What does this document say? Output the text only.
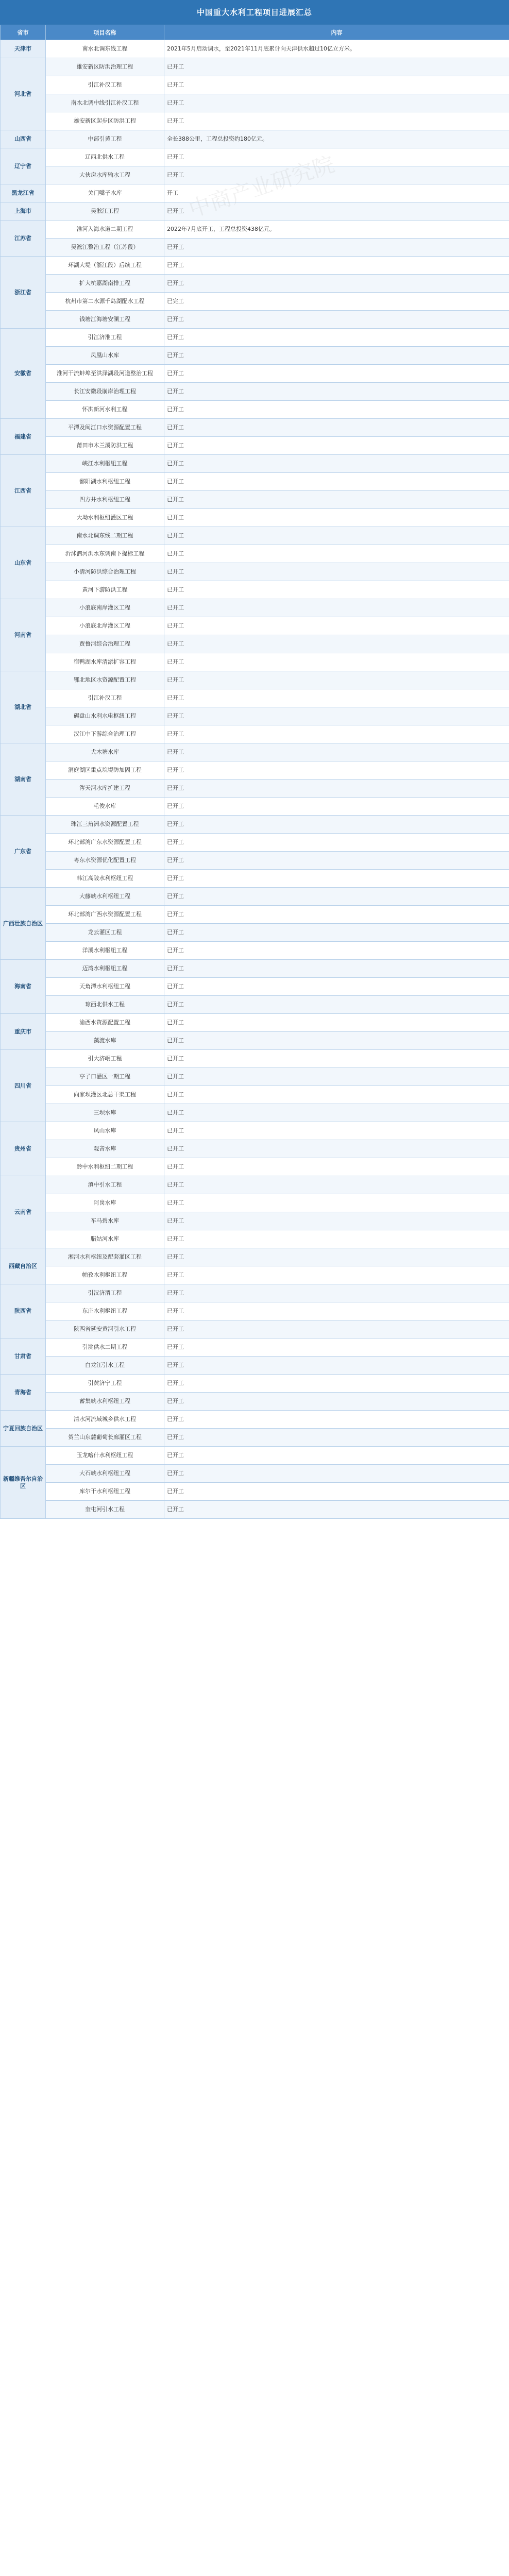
中国重大水利工程项目进展汇总
省市	项目名称	内容
天津市	南水北调东线工程	2021年5月启动调水，至2021年11月底累计向天津供水超过10亿立方米。
河北省	雄安新区防洪治理工程	已开工
	引江补汉工程	已开工
	南水北调中线引江补汉工程	已开工
	雄安新区起步区防洪工程	已开工
山西省	中部引黄工程	全长388公里，工程总投资约180亿元。
辽宁省	辽西北供水工程	已开工
	大伙房水库输水工程	已开工
黑龙江省	关门嘴子水库	开工
上海市	吴淞江工程	已开工
江苏省	淮河入海水道二期工程	2022年7月底开工，工程总投资438亿元。
	吴淞江整治工程（江苏段）	已开工
浙江省	环湖大堤（浙江段）后续工程	已开工
	扩大杭嘉湖南排工程	已开工
	杭州市第二水源千岛湖配水工程	已完工
	钱塘江海塘安澜工程	已开工
安徽省	引江济淮工程	已开工
	凤凰山水库	已开工
	淮河干流蚌埠至洪泽湖段河道整治工程	已开工
	长江安徽段崩岸治理工程	已开工
	怀洪新河水利工程	已开工
福建省	平潭及闽江口水资源配置工程	已开工
	莆田市木兰溪防洪工程	已开工
江西省	峡江水利枢纽工程	已开工
	鄱阳湖水利枢纽工程	已开工
	四方井水利枢纽工程	已开工
	大坳水利枢纽灌区工程	已开工
山东省	南水北调东线二期工程	已开工
	沂沭泗河洪水东调南下提标工程	已开工
	小清河防洪综合治理工程	已开工
	黄河下游防洪工程	已开工
河南省	小浪底南岸灌区工程	已开工
	小浪底北岸灌区工程	已开工
	贾鲁河综合治理工程	已开工
	宿鸭湖水库清淤扩容工程	已开工
湖北省	鄂北地区水资源配置工程	已开工
	引江补汉工程	已开工
	碾盘山水利水电枢纽工程	已开工
	汉江中下游综合治理工程	已开工
湖南省	犬木塘水库	已开工
	洞庭湖区重点垸堤防加固工程	已开工
	涔天河水库扩建工程	已开工
	毛俊水库	已开工
广东省	珠江三角洲水资源配置工程	已开工
	环北部湾广东水资源配置工程	已开工
	粤东水资源优化配置工程	已开工
	韩江高陂水利枢纽工程	已开工
广西壮族自治区	大藤峡水利枢纽工程	已开工
	环北部湾广西水资源配置工程	已开工
	龙云灌区工程	已开工
	洋溪水利枢纽工程	已开工
海南省	迈湾水利枢纽工程	已开工
	天角潭水利枢纽工程	已开工
	琼西北供水工程	已开工
重庆市	渝西水资源配置工程	已开工
	藻渡水库	已开工
四川省	引大济岷工程	已开工
	亭子口灌区一期工程	已开工
	向家坝灌区北总干渠工程	已开工
	三坝水库	已开工
贵州省	凤山水库	已开工
	观音水库	已开工
	黔中水利枢纽二期工程	已开工
云南省	滇中引水工程	已开工
	阿岗水库	已开工
	车马碧水库	已开工
	腊姑河水库	已开工
西藏自治区	湘河水利枢纽及配套灌区工程	已开工
	帕孜水利枢纽工程	已开工
陕西省	引汉济渭工程	已开工
	东庄水利枢纽工程	已开工
	陕西省延安黄河引水工程	已开工
甘肃省	引洮供水二期工程	已开工
	白龙江引水工程	已开工
青海省	引黄济宁工程	已开工
	蓄集峡水利枢纽工程	已开工
宁夏回族自治区	清水河流域城乡供水工程	已开工
	贺兰山东麓葡萄长廊灌区工程	已开工
新疆维吾尔自治区	玉龙喀什水利枢纽工程	已开工
	大石峡水利枢纽工程	已开工
	库尔干水利枢纽工程	已开工
	奎屯河引水工程	已开工
中商产业研究院
